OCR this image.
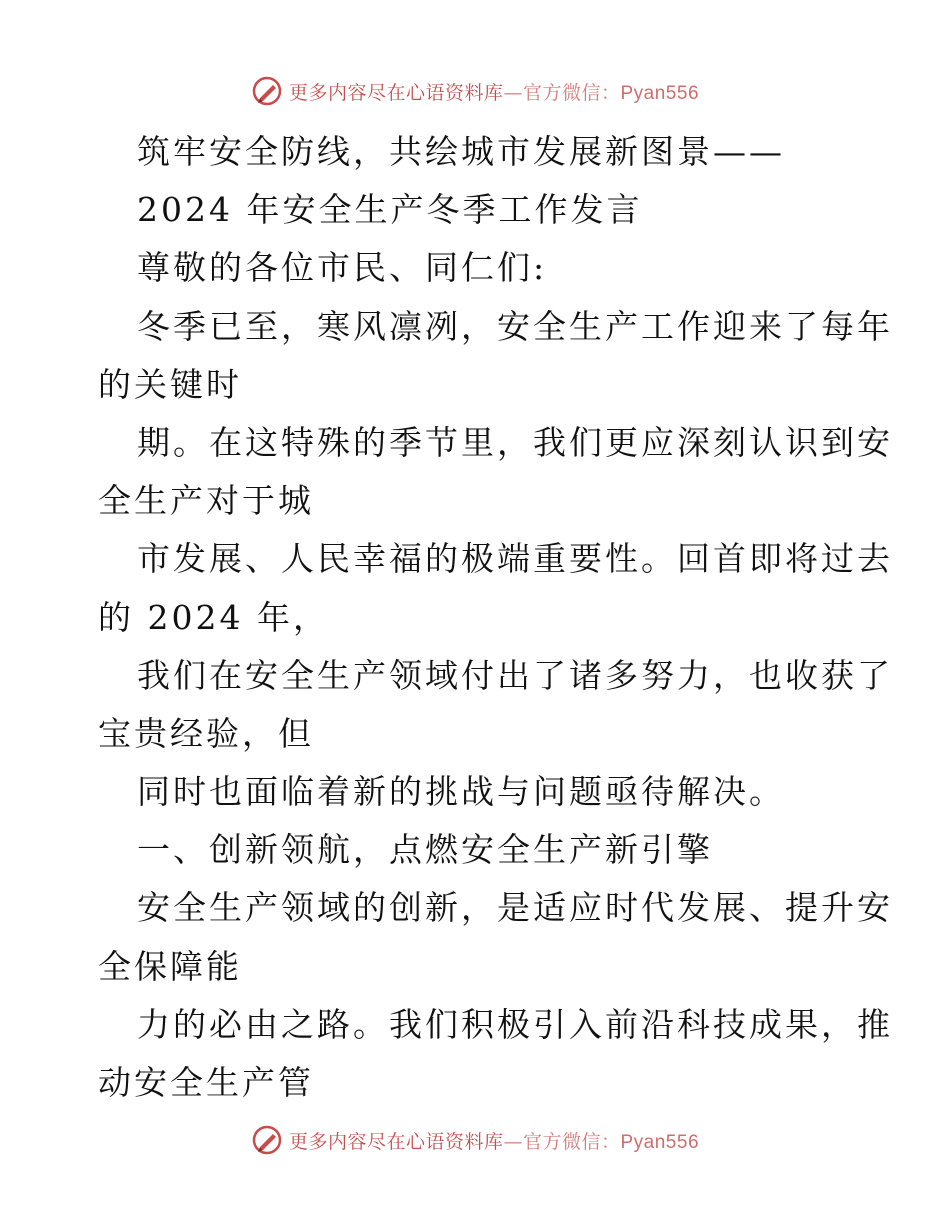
更多内容尽在心语资料库—官方微信：Pyan556
筑牢安全防线，共绘城市发展新图景——
2024 年安全生产冬季工作发言
尊敬的各位市民、同仁们:
冬季已至，寒风凛冽，安全生产工作迎来了每年
的关键时
期。在这特殊的季节里，我们更应深刻认识到安
全生产对于城
市发展、人民幸福的极端重要性。回首即将过去
的 2024 年，
我们在安全生产领域付出了诸多努力，也收获了
宝贵经验，但
同时也面临着新的挑战与问题亟待解决。
一、创新领航，点燃安全生产新引擎
安全生产领域的创新，是适应时代发展、提升安
全保障能
力的必由之路。我们积极引入前沿科技成果，推
动安全生产管
更多内容尽在心语资料库—官方微信：Pyan556
